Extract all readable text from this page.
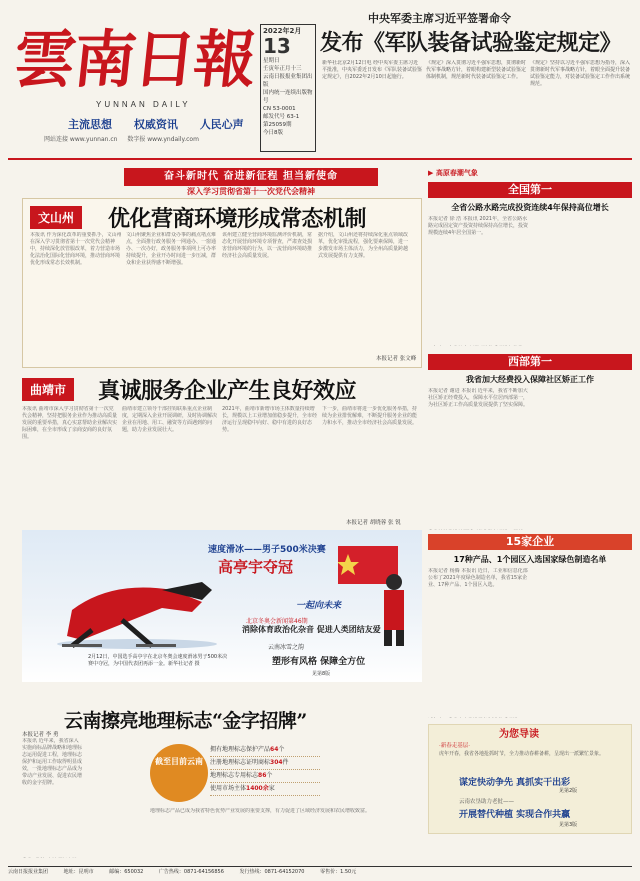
雲南日報
YUNNAN DAILY
主流思想 权威资讯 人民心声
网站连接 www.yunnan.cn 数字报 www.yndaily.com
2022年2月
13
星期日
壬寅年正月十三
云南日报报业集团出版
国内统一连续出版物号
CN 53-0001
邮发代号 63-1
第25059期
今日8版
中央军委主席习近平签署命令
发布《军队装备试验鉴定规定》
新华社北京2月12日电 经中央军委主席习近平批准，中央军委近日发布《军队装备试验鉴定规定》，自2022年2月10日起施行。
《规定》深入贯彻习近平强军思想，贯彻新时代军事战略方针，着眼构建新型装备试验鉴定体制机制，规范新时代装备试验鉴定工作。
《规定》坚持以习近平强军思想为指导，深入贯彻新时代军事战略方针，着眼全面提升装备试验鉴定能力，对装备试验鉴定工作作出系统规范。
奋斗新时代 奋进新征程 担当新使命
深入学习贯彻省第十一次党代会精神
文山州	优化营商环境形成常态机制
本报讯 作为深化改革的重要抓手，文山州在深入学习贯彻省第十一次党代会精神中，持续深化放管服改革，着力营造市场化法治化国际化营商环境，推动营商环境优化形成常态长效机制。
文山州聚焦企业和群众办事的痛点堵点难点，全面推行政务服务一网通办、一窗通办、一次办好，政务服务事项网上可办率持续提升，企业开办时间进一步压减，群众和企业获得感不断增强。
该州建立健全营商环境监测评价机制，常态化开展营商环境专项督查，严肃查处损害营商环境的行为，以一流营商环境助推经济社会高质量发展。
据介绍，文山州还将持续深化重点领域改革，优化审批流程，强化要素保障，进一步激发市场主体活力，为全州高质量跨越式发展提供有力支撑。
本报记者 张文峰
曲靖市	真诚服务企业产生良好效应
本报讯 曲靖市深入学习贯彻省第十一次党代会精神，坚持把服务企业作为推动高质量发展的重要举措，真心实意帮助企业解决实际困难，在全市形成了亲商安商的良好氛围。
曲靖市建立领导干部挂钩联系重点企业制度，定期深入企业开展调研，及时协调解决企业在用地、用工、融资等方面遇到的问题，助力企业发展壮大。
2021年，曲靖市新增市场主体数量持续增长，规模以上工业增加值稳步提升，全市经济运行呈现稳中向好、稳中有进的良好态势。
下一步，曲靖市将进一步优化服务举措，持续为企业排忧解难，不断提升服务企业的能力和水平，推动全市经济社会高质量发展。
本报记者 胡晓蓉 张 锐
速度滑冰——男子500米决赛
高亭宇夺冠
一起向未来
北京冬奥会新闻第46期
消除体育政治化杂音 促进人类团结友爱
云南冰雪之韵
塑形有风格 保障全方位
见第8版
2月12日，中国选手高亭宇在北京冬奥会速度滑冰男子500米决赛中夺冠，为中国代表团再添一金。新华社记者 摄
云南擦亮地理标志“金字招牌”
本报讯 近年来，我省深入实施商标品牌战略和地理标志运用促进工程，地理标志保护和运用工作取得明显成效，一批地理标志产品成为带动产业发展、促进农民增收的金字招牌。
本报记者 李 勇
截至目前云南
拥有地理标志保护产品64个
注册地理标志证明商标304件
地理标志专用标志86个
使用市场主体1400余家
地理标志产品已成为我省特色优势产业发展的重要支撑，有力促进了区域经济发展和农民增收致富。
▶ 高原春潮气象
全国第一
全省公路水路完成投资连续4年保持高位增长
本报记者 徐 浩 本报讯 2021年，全省公路水路完成固定资产投资持续保持高位增长，投资规模连续4年居全国第一。
西部第一
我省加大经费投入保障社区矫正工作
本报记者 谢进 本报讯 近年来，我省不断加大社区矫正经费投入，保障水平位居西部第一，为社区矫正工作高质量发展提供了坚实保障。
15家企业
17种产品、1个园区入选国家绿色制造名单
本报记者 杨腾 本报讯 近日，工业和信息化部公布了2021年度绿色制造名单，我省15家企业、17种产品、1个园区入选。
为您导读
·新春走基层·
虎年开春，我省各地抢抓时节，全力推动春耕备耕，呈现出一派繁忙景象。
谋定快动争先 真抓实干出彩
见第2版
云南农垦助力老挝——
开展替代种植 实现合作共赢
见第3版
云南日报报业集团	地址：昆明市	邮编：650032	广告热线：0871-64156856	发行热线：0871-64152070	零售价：1.50元
